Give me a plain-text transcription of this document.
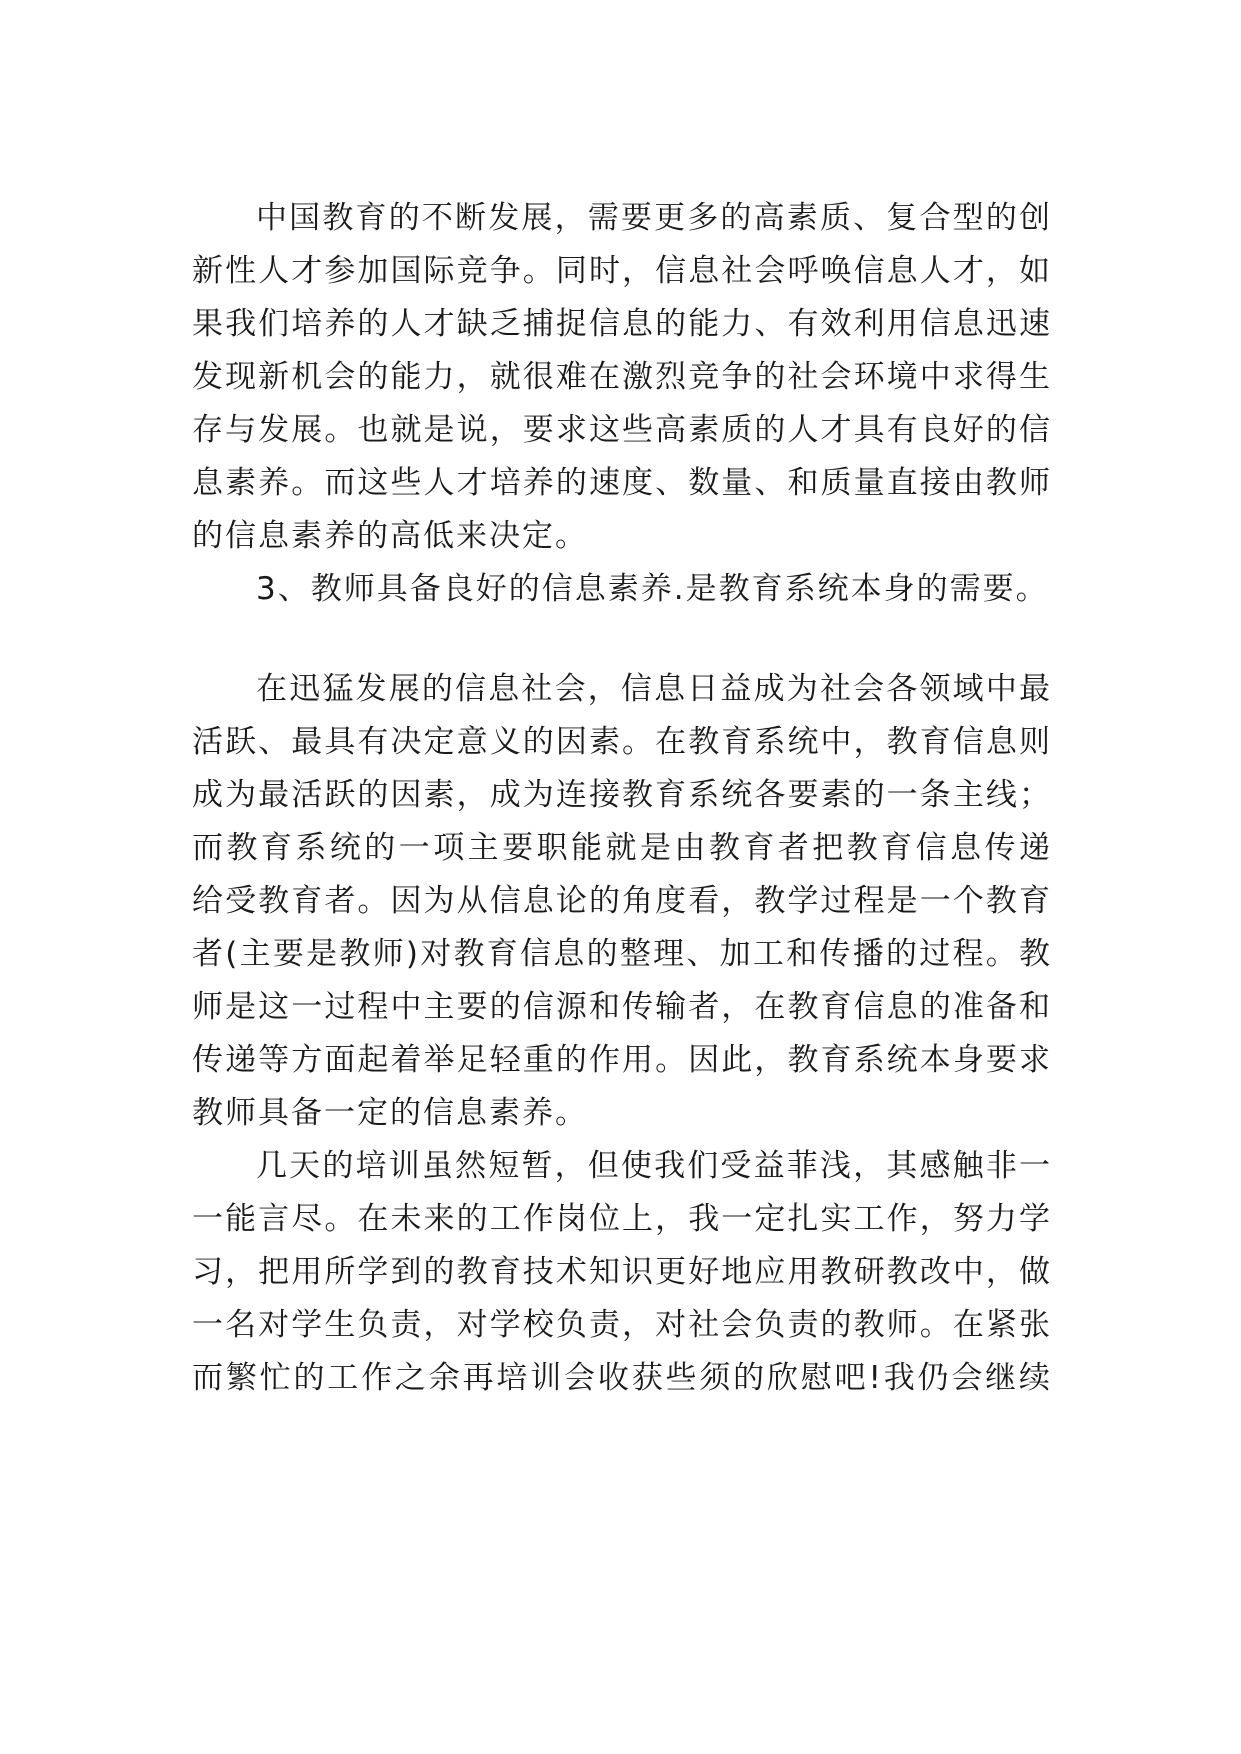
中国教育的不断发展，需要更多的高素质、复合型的创
新性人才参加国际竞争。同时，信息社会呼唤信息人才，如
果我们培养的人才缺乏捕捉信息的能力、有效利用信息迅速
发现新机会的能力，就很难在激烈竞争的社会环境中求得生
存与发展。也就是说，要求这些高素质的人才具有良好的信
息素养。而这些人才培养的速度、数量、和质量直接由教师
的信息素养的高低来决定。
3、教师具备良好的信息素养.是教育系统本身的需要。
在迅猛发展的信息社会，信息日益成为社会各领域中最
活跃、最具有决定意义的因素。在教育系统中，教育信息则
成为最活跃的因素，成为连接教育系统各要素的一条主线；
而教育系统的一项主要职能就是由教育者把教育信息传递
给受教育者。因为从信息论的角度看，教学过程是一个教育
者(主要是教师)对教育信息的整理、加工和传播的过程。教
师是这一过程中主要的信源和传输者，在教育信息的准备和
传递等方面起着举足轻重的作用。因此，教育系统本身要求
教师具备一定的信息素养。
几天的培训虽然短暂，但使我们受益菲浅，其感触非一
一能言尽。在未来的工作岗位上，我一定扎实工作，努力学
习，把用所学到的教育技术知识更好地应用教研教改中，做
一名对学生负责，对学校负责，对社会负责的教师。在紧张
而繁忙的工作之余再培训会收获些须的欣慰吧!我仍会继续
